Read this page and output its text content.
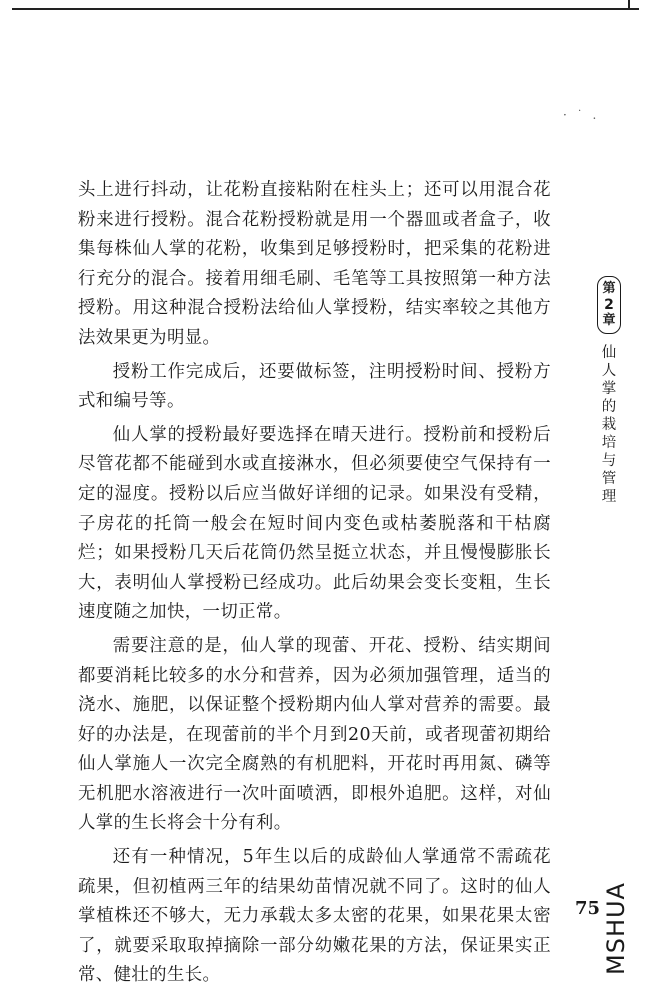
· ˙ .

头上进行抖动，让花粉直接粘附在柱头上；还可以用混合花粉来进行授粉。混合花粉授粉就是用一个器皿或者盒子，收集每株仙人掌的花粉，收集到足够授粉时，把采集的花粉进行充分的混合。接着用细毛刷、毛笔等工具按照第一种方法授粉。用这种混合授粉法给仙人掌授粉，结实率较之其他方法效果更为明显。

授粉工作完成后，还要做标签，注明授粉时间、授粉方式和编号等。

仙人掌的授粉最好要选择在晴天进行。授粉前和授粉后尽管花都不能碰到水或直接淋水，但必须要使空气保持有一定的湿度。授粉以后应当做好详细的记录。如果没有受精，子房花的托筒一般会在短时间内变色或枯萎脱落和干枯腐烂；如果授粉几天后花筒仍然呈挺立状态，并且慢慢膨胀长大，表明仙人掌授粉已经成功。此后幼果会变长变粗，生长速度随之加快，一切正常。

需要注意的是，仙人掌的现蕾、开花、授粉、结实期间都要消耗比较多的水分和营养，因为必须加强管理，适当的浇水、施肥，以保证整个授粉期内仙人掌对营养的需要。最好的办法是，在现蕾前的半个月到20天前，或者现蕾初期给仙人掌施人一次完全腐熟的有机肥料，开花时再用氮、磷等无机肥水溶液进行一次叶面喷洒，即根外追肥。这样，对仙人掌的生长将会十分有利。

还有一种情况，5年生以后的成龄仙人掌通常不需疏花疏果，但初植两三年的结果幼苗情况就不同了。这时的仙人掌植株还不够大，无力承载太多太密的花果，如果花果太密了，就要采取取掉摘除一部分幼嫩花果的方法，保证果实正常、健壮的生长。

第
2
章
仙人掌的栽培与管理
75 MSHUA
